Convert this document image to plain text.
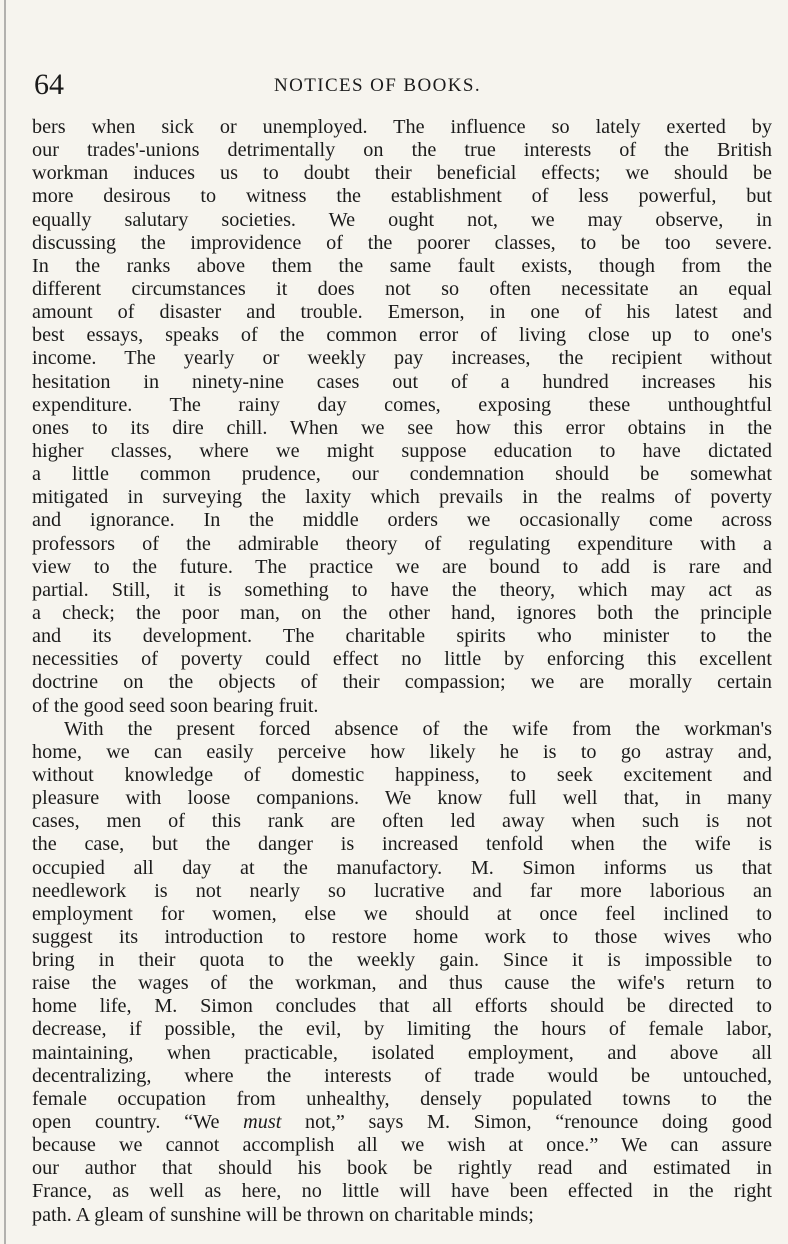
64	NOTICES OF BOOKS.
bers when sick or unemployed. The influence so lately exerted by
our trades'-unions detrimentally on the true interests of the British
workman induces us to doubt their beneficial effects; we should be
more desirous to witness the establishment of less powerful, but
equally salutary societies. We ought not, we may observe, in
discussing the improvidence of the poorer classes, to be too severe.
In the ranks above them the same fault exists, though from the
different circumstances it does not so often necessitate an equal
amount of disaster and trouble. Emerson, in one of his latest and
best essays, speaks of the common error of living close up to one's
income. The yearly or weekly pay increases, the recipient without
hesitation in ninety-nine cases out of a hundred increases his
expenditure. The rainy day comes, exposing these unthoughtful
ones to its dire chill. When we see how this error obtains in the
higher classes, where we might suppose education to have dictated
a little common prudence, our condemnation should be somewhat
mitigated in surveying the laxity which prevails in the realms of poverty
and ignorance. In the middle orders we occasionally come across
professors of the admirable theory of regulating expenditure with a
view to the future. The practice we are bound to add is rare and
partial. Still, it is something to have the theory, which may act as
a check; the poor man, on the other hand, ignores both the principle
and its development. The charitable spirits who minister to the
necessities of poverty could effect no little by enforcing this excellent
doctrine on the objects of their compassion; we are morally certain
of the good seed soon bearing fruit.
With the present forced absence of the wife from the workman's
home, we can easily perceive how likely he is to go astray and,
without knowledge of domestic happiness, to seek excitement and
pleasure with loose companions. We know full well that, in many
cases, men of this rank are often led away when such is not
the case, but the danger is increased tenfold when the wife is
occupied all day at the manufactory. M. Simon informs us that
needlework is not nearly so lucrative and far more laborious an
employment for women, else we should at once feel inclined to
suggest its introduction to restore home work to those wives who
bring in their quota to the weekly gain. Since it is impossible to
raise the wages of the workman, and thus cause the wife's return to
home life, M. Simon concludes that all efforts should be directed to
decrease, if possible, the evil, by limiting the hours of female labor,
maintaining, when practicable, isolated employment, and above all
decentralizing, where the interests of trade would be untouched,
female occupation from unhealthy, densely populated towns to the
open country. “We must not,” says M. Simon, “renounce doing good
because we cannot accomplish all we wish at once.” We can assure
our author that should his book be rightly read and estimated in
France, as well as here, no little will have been effected in the right
path. A gleam of sunshine will be thrown on charitable minds;
